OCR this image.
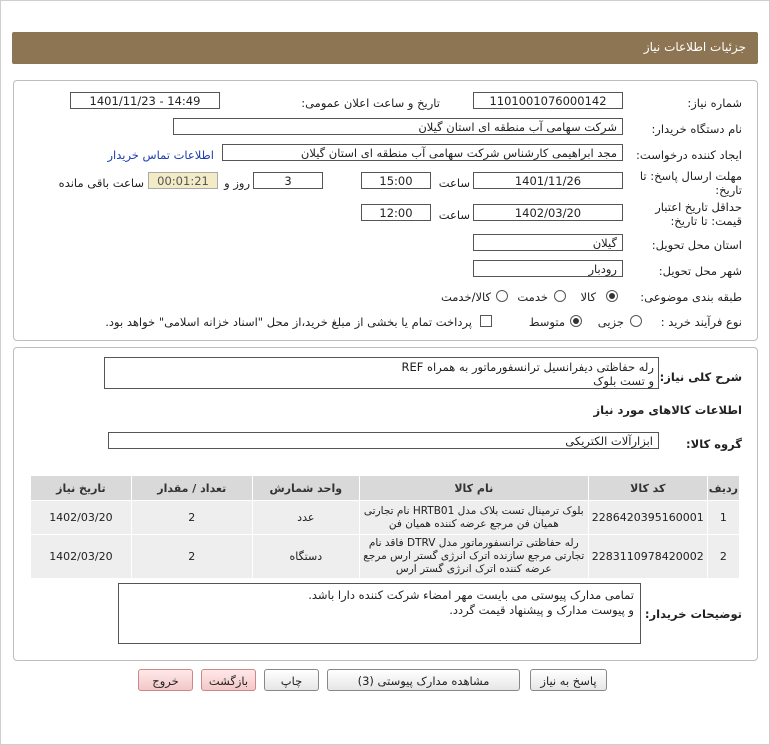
جزئیات اطلاعات نیاز
شماره نیاز:
1101001076000142
تاریخ و ساعت اعلان عمومی:
1401/11/23 - 14:49
نام دستگاه خریدار:
شرکت سهامی آب منطقه ای استان گیلان
ایجاد کننده درخواست:
مجد ابراهیمی کارشناس شرکت سهامی آب منطقه ای استان گیلان
اطلاعات تماس خریدار
مهلت ارسال پاسخ: تا
تاریخ:
1401/11/26
ساعت
15:00
3
روز و
00:01:21
ساعت باقی مانده
حداقل تاریخ اعتبار
قیمت: تا تاریخ:
1402/03/20
ساعت
12:00
استان محل تحویل:
گیلان
شهر محل تحویل:
رودبار
طبقه بندی موضوعی:
کالا
خدمت
کالا/خدمت
نوع فرآیند خرید :
جزیی
متوسط
پرداخت تمام یا بخشی از مبلغ خرید،از محل "اسناد خزانه اسلامی" خواهد بود.
شرح کلی نیاز:
رله حفاظتی دیفرانسیل ترانسفورماتور به همراه REF
و تست بلوک
اطلاعات کالاهای مورد نیاز
گروه کالا:
ابزارآلات الکتریکی
ردیف	کد کالا	نام کالا	واحد شمارش	تعداد / مقدار	تاریخ نیاز
1	2286420395160001	بلوک ترمینال تست بلاک مدل HRTB01 نام تجارتی همیان فن مرجع عرضه کننده همیان فن	عدد	2	1402/03/20
2	2283110978420002	رله حفاظتی ترانسفورماتور مدل DTRV فاقد نام تجارتی مرجع سازنده اترک انرژی گستر ارس مرجع عرضه کننده اترک انرژی گستر ارس	دستگاه	2	1402/03/20
توضیحات خریدار:
تمامی مدارک پیوستی می بایست مهر امضاء شرکت کننده دارا باشد.
و پیوست مدارک و پیشنهاد قیمت گردد.
پاسخ به نیاز
مشاهده مدارک پیوستی (3)
چاپ
بازگشت
خروج
